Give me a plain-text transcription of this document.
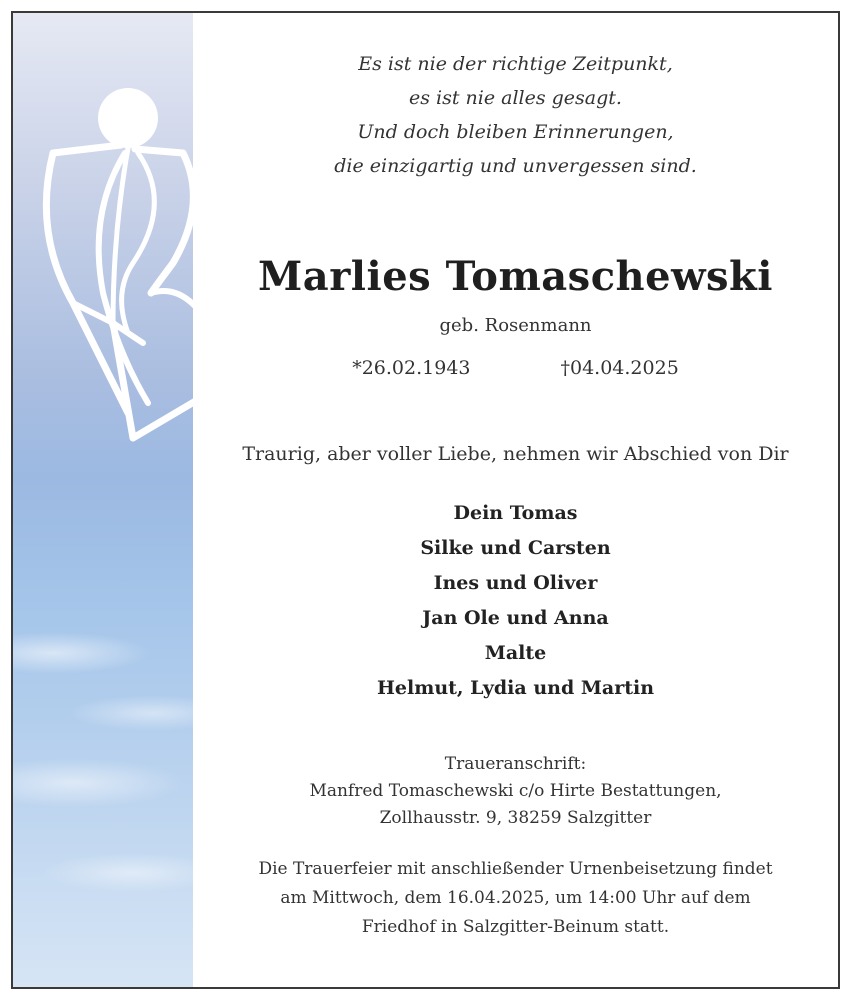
Es ist nie der richtige Zeitpunkt,
es ist nie alles gesagt.
Und doch bleiben Erinnerungen,
die einzigartig und unvergessen sind.
Marlies Tomaschewski
geb. Rosenmann
*26.02.1943	†04.04.2025
Traurig, aber voller Liebe, nehmen wir Abschied von Dir
Dein Tomas
Silke und Carsten
Ines und Oliver
Jan Ole und Anna
Malte
Helmut, Lydia und Martin
Traueranschrift:
Manfred Tomaschewski c/o Hirte Bestattungen,
Zollhausstr. 9, 38259 Salzgitter
Die Trauerfeier mit anschließender Urnenbeisetzung findet
am Mittwoch, dem 16.04.2025, um 14:00 Uhr auf dem
Friedhof in Salzgitter-Beinum statt.
